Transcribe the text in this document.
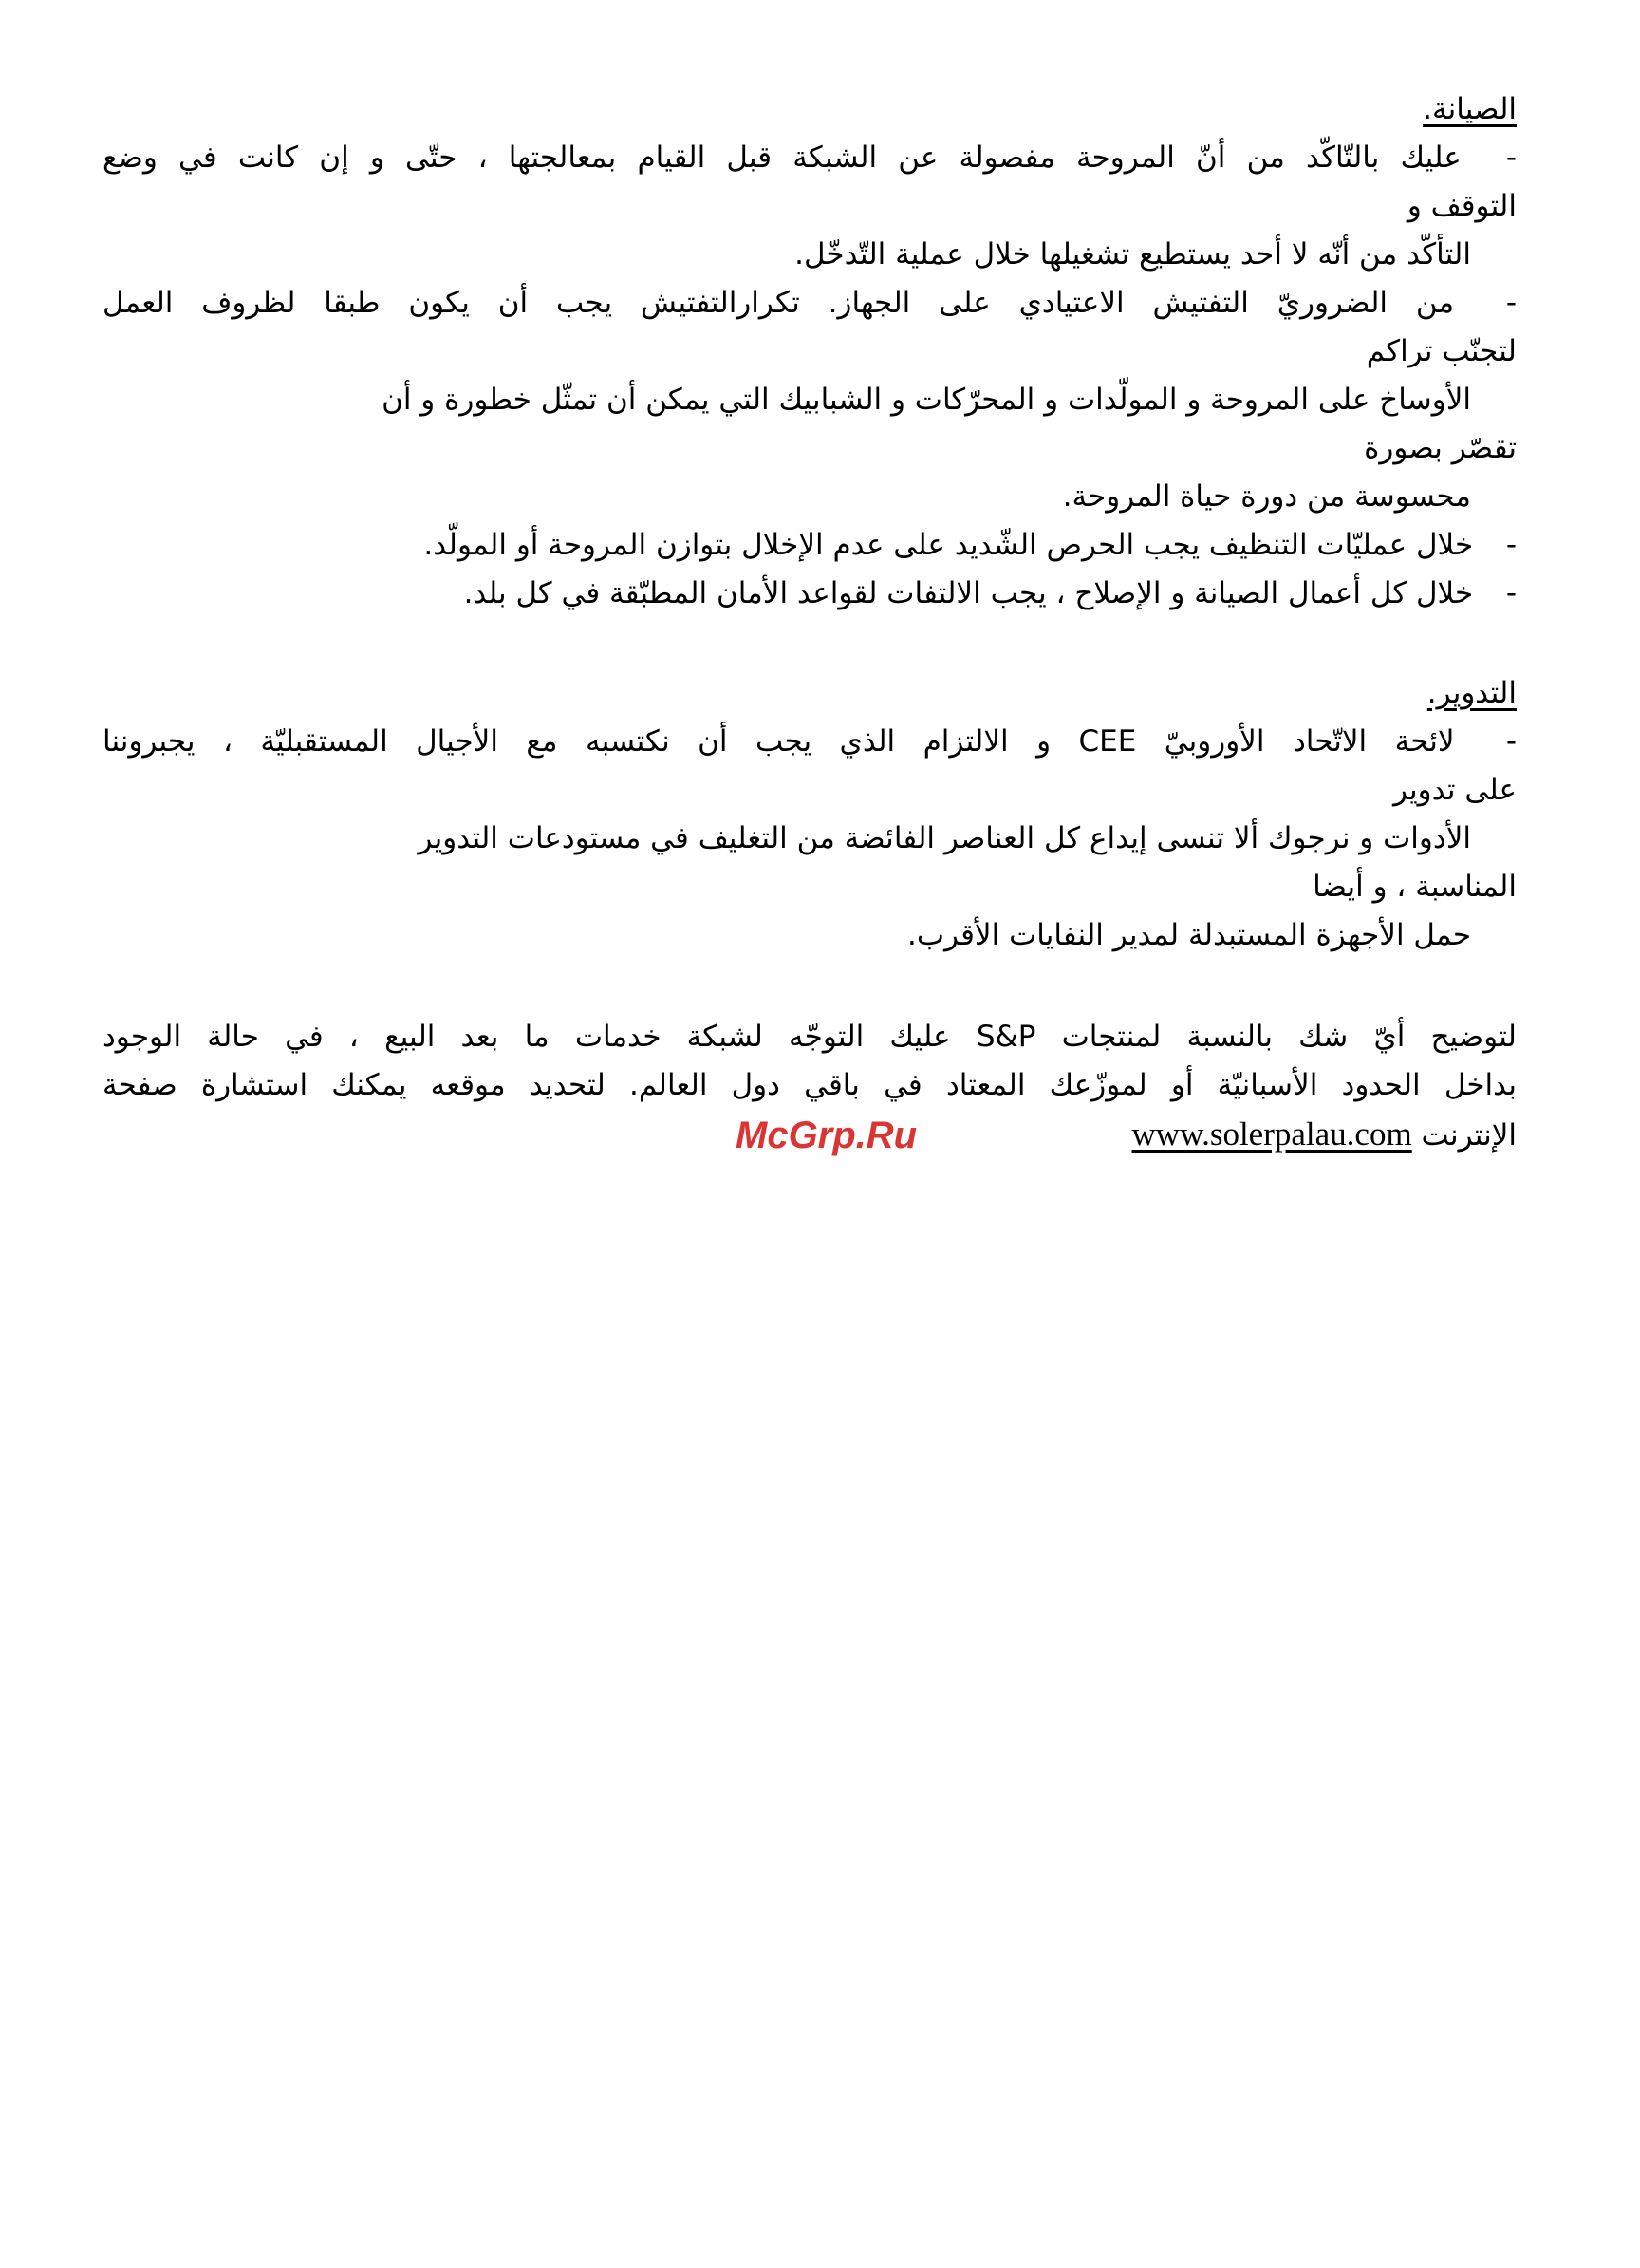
الصيانة.
- عليك بالتّاكّد من أنّ المروحة مفصولة عن الشبكة قبل القيام بمعالجتها ، حتّى و إن كانت في وضع
التوقف و
التأكّد من أنّه لا أحد يستطيع تشغيلها خلال عملية التّدخّل.
- من الضروريّ التفتيش الاعتيادي على الجهاز. تكرارالتفتيش يجب أن يكون طبقا لظروف العمل
لتجنّب تراكم
الأوساخ على المروحة و المولّدات و المحرّكات و الشبابيك التي يمكن أن تمثّل خطورة و أن
تقصّر بصورة
محسوسة من دورة حياة المروحة.
- خلال عمليّات التنظيف يجب الحرص الشّديد على عدم الإخلال بتوازن المروحة أو المولّد.
- خلال كل أعمال الصيانة و الإصلاح ، يجب الالتفات لقواعد الأمان المطبّقة في كل بلد.
التدوير.
- لائحة الاتّحاد الأوروبيّ CEE و الالتزام الذي يجب أن نكتسبه مع الأجيال المستقبليّة ، يجبروننا
على تدوير
الأدوات و نرجوك ألا تنسى إيداع كل العناصر الفائضة من التغليف في مستودعات التدوير
المناسبة ، و أيضا
حمل الأجهزة المستبدلة لمدير النفايات الأقرب.
لتوضيح أيّ شك بالنسبة لمنتجات S&P عليك التوجّه لشبكة خدمات ما بعد البيع ، في حالة الوجود
بداخل الحدود الأسبانيّة أو لموزّعك المعتاد في باقي دول العالم. لتحديد موقعه يمكنك استشارة صفحة
الإنترنت www.solerpalau.com
McGrp.Ru
